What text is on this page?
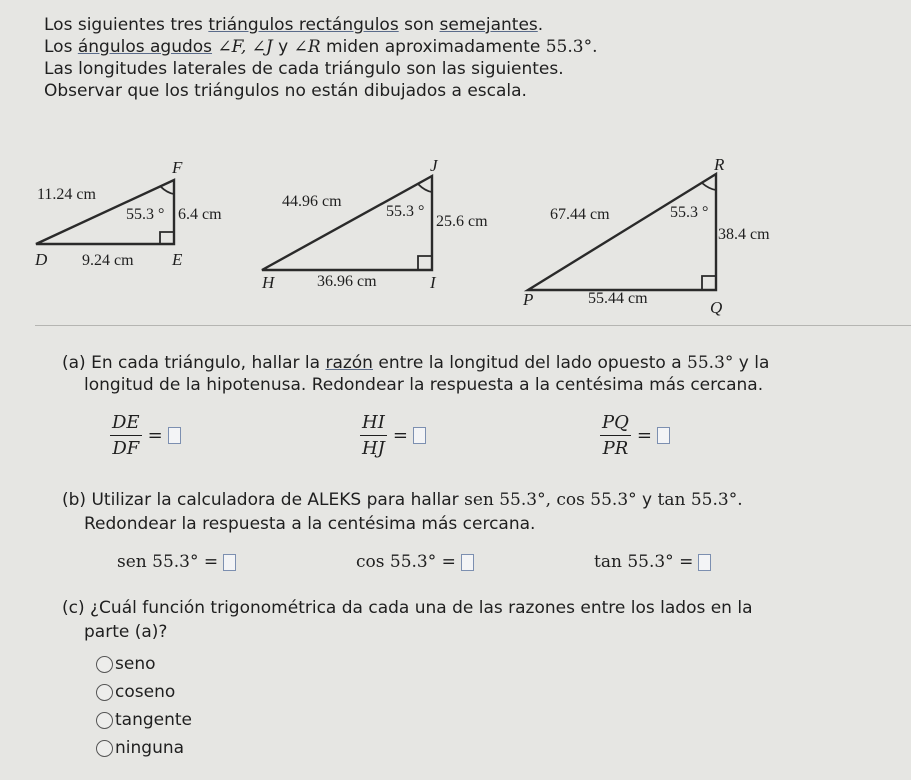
Los siguientes tres triángulos rectángulos son semejantes.

Los ángulos agudos ∠F, ∠J y ∠R miden aproximadamente 55.3°.

Las longitudes laterales de cada triángulo son las siguientes.

Observar que los triángulos no están dibujados a escala.

F
D	E
11.24 cm
55.3 ° 6.4 cm
9.24 cm
J
H	I
44.96 cm
55.3 °
25.6 cm
36.96 cm
R
P	Q
67.44 cm	55.3 °
38.4 cm
55.44 cm
(a) En cada triángulo, hallar la razón entre la longitud del lado opuesto a 55.3° y la
longitud de la hipotenusa. Redondear la respuesta a la centésima más cercana.
$\frac{DE}{DF}$ =	$\frac{HI}{HJ}$ =	$\frac{PQ}{PR}$ =
(b) Utilizar la calculadora de ALEKS para hallar sen 55.3°, cos 55.3° y tan 55.3°.
Redondear la respuesta a la centésima más cercana.
sen 55.3° =	cos 55.3° =	tan 55.3° =
(c) ¿Cuál función trigonométrica da cada una de las razones entre los lados en la
parte (a)?
seno
coseno
tangente
ninguna
